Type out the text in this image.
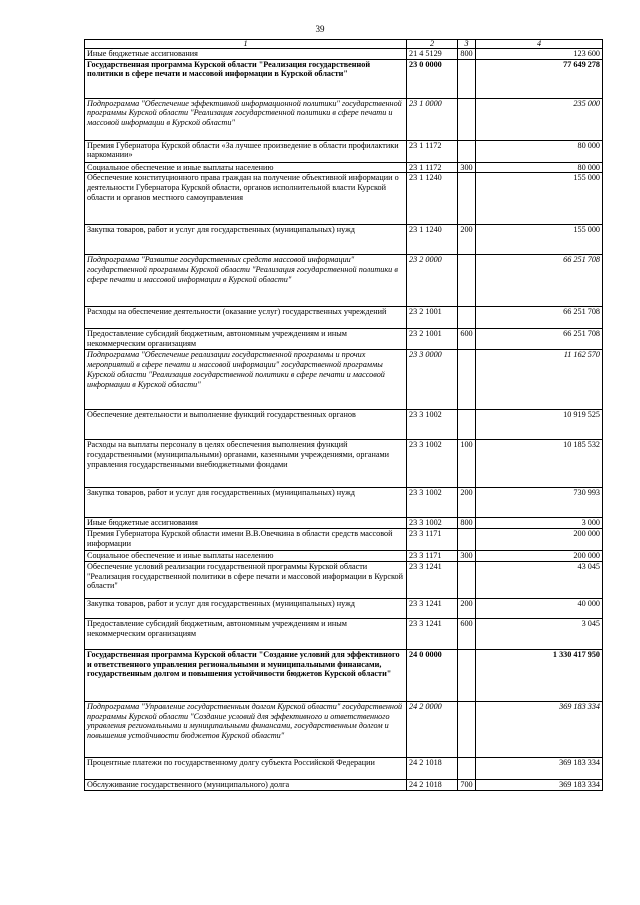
39
1	2	3	4
Иные бюджетные ассигнования	21 4 5129	800	123 600
Государственная программа Курской области "Реализация государственной политики в сфере печати и массовой информации в Курской области"	23 0 0000		77 649 278
Подпрограмма "Обеспечение эффективной информационной политики" государственной программы Курской области "Реализация государственной политики в сфере печати и массовой информации в Курской области"	23 1 0000		235 000
Премия Губернатора Курской области «За лучшее произведение в области профилактики наркомании»	23 1 1172		80 000
Социальное обеспечение и иные выплаты населению	23 1 1172	300	80 000
Обеспечение конституционного права граждан на получение объективной информации о деятельности Губернатора Курской области, органов исполнительной власти Курской области и органов местного самоуправления	23 1 1240		155 000
Закупка товаров, работ и услуг для государственных (муниципальных) нужд	23 1 1240	200	155 000
Подпрограмма "Развитие государственных средств массовой информации" государственной программы Курской области "Реализация государственной политики в сфере печати и массовой информации в Курской области"	23 2 0000		66 251 708
Расходы на обеспечение деятельности (оказание услуг) государственных учреждений	23 2 1001		66 251 708
Предоставление субсидий бюджетным, автономным учреждениям и иным некоммерческим организациям	23 2 1001	600	66 251 708
Подпрограмма "Обеспечение реализации государственной программы и прочих мероприятий в сфере печати и массовой информации" государственной программы Курской области "Реализация государственной политики в сфере печати и массовой информации в Курской области"	23 3 0000		11 162 570
Обеспечение деятельности и выполнение функций государственных органов	23 3 1002		10 919 525
Расходы на выплаты персоналу в целях обеспечения выполнения функций государственными (муниципальными) органами, казенными учреждениями, органами управления государственными внебюджетными фондами	23 3 1002	100	10 185 532
Закупка товаров, работ и услуг для государственных (муниципальных) нужд	23 3 1002	200	730 993
Иные бюджетные ассигнования	23 3 1002	800	3 000
Премия Губернатора Курской области имени В.В.Овечкина в области средств массовой информации	23 3 1171		200 000
Социальное обеспечение и иные выплаты населению	23 3 1171	300	200 000
Обеспечение условий реализации государственной программы Курской области "Реализация государственной политики в сфере печати и массовой информации в Курской области"	23 3 1241		43 045
Закупка товаров, работ и услуг для государственных (муниципальных) нужд	23 3 1241	200	40 000
Предоставление субсидий бюджетным, автономным учреждениям и иным некоммерческим организациям	23 3 1241	600	3 045
Государственная программа Курской области "Создание условий для эффективного и ответственного управления региональными и муниципальными финансами, государственным долгом и повышения устойчивости бюджетов Курской области"	24 0 0000		1 330 417 950
Подпрограмма "Управление государственным долгом Курской области" государственной программы Курской области "Создание условий для эффективного и ответственного управления региональными и муниципальными финансами, государственным долгом и повышения устойчивости бюджетов Курской области"	24 2 0000		369 183 334
Процентные платежи по государственному долгу субъекта Российской Федерации	24 2 1018		369 183 334
Обслуживание государственного (муниципального) долга	24 2 1018	700	369 183 334
